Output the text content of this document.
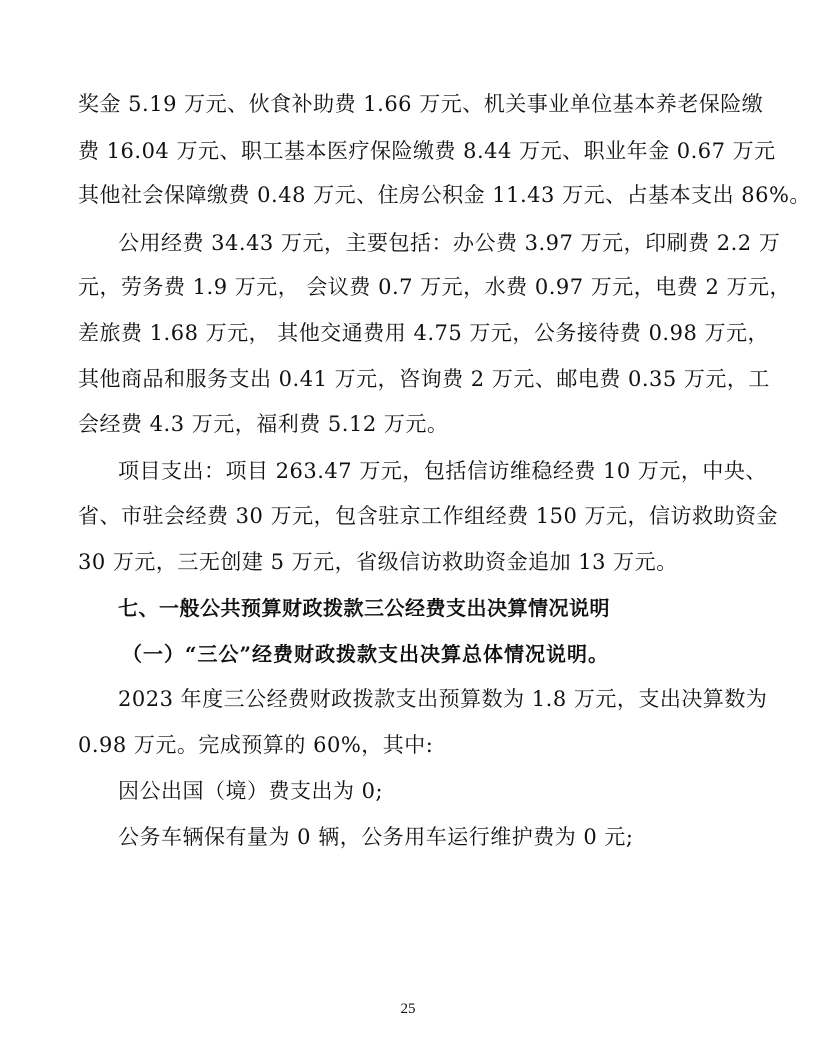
奖金 5.19 万元、伙食补助费 1.66 万元、机关事业单位基本养老保险缴
费 16.04 万元、职工基本医疗保险缴费 8.44 万元、职业年金 0.67 万元
其他社会保障缴费 0.48 万元、住房公积金 11.43 万元、占基本支出 86%。
公用经费 34.43 万元，主要包括：办公费 3.97 万元，印刷费 2.2 万
元，劳务费 1.9 万元， 会议费 0.7 万元，水费 0.97 万元，电费 2 万元，
差旅费 1.68 万元， 其他交通费用 4.75 万元，公务接待费 0.98 万元，
其他商品和服务支出 0.41 万元，咨询费 2 万元、邮电费 0.35 万元，工
会经费 4.3 万元，福利费 5.12 万元。
项目支出：项目 263.47 万元，包括信访维稳经费 10 万元，中央、
省、市驻会经费 30 万元，包含驻京工作组经费 150 万元，信访救助资金
30 万元，三无创建 5 万元，省级信访救助资金追加 13 万元。
七、一般公共预算财政拨款三公经费支出决算情况说明
（一）“三公”经费财政拨款支出决算总体情况说明。
2023 年度三公经费财政拨款支出预算数为 1.8 万元，支出决算数为
0.98 万元。完成预算的 60%，其中:
因公出国（境）费支出为 0;
公务车辆保有量为 0 辆，公务用车运行维护费为 0 元;
25
